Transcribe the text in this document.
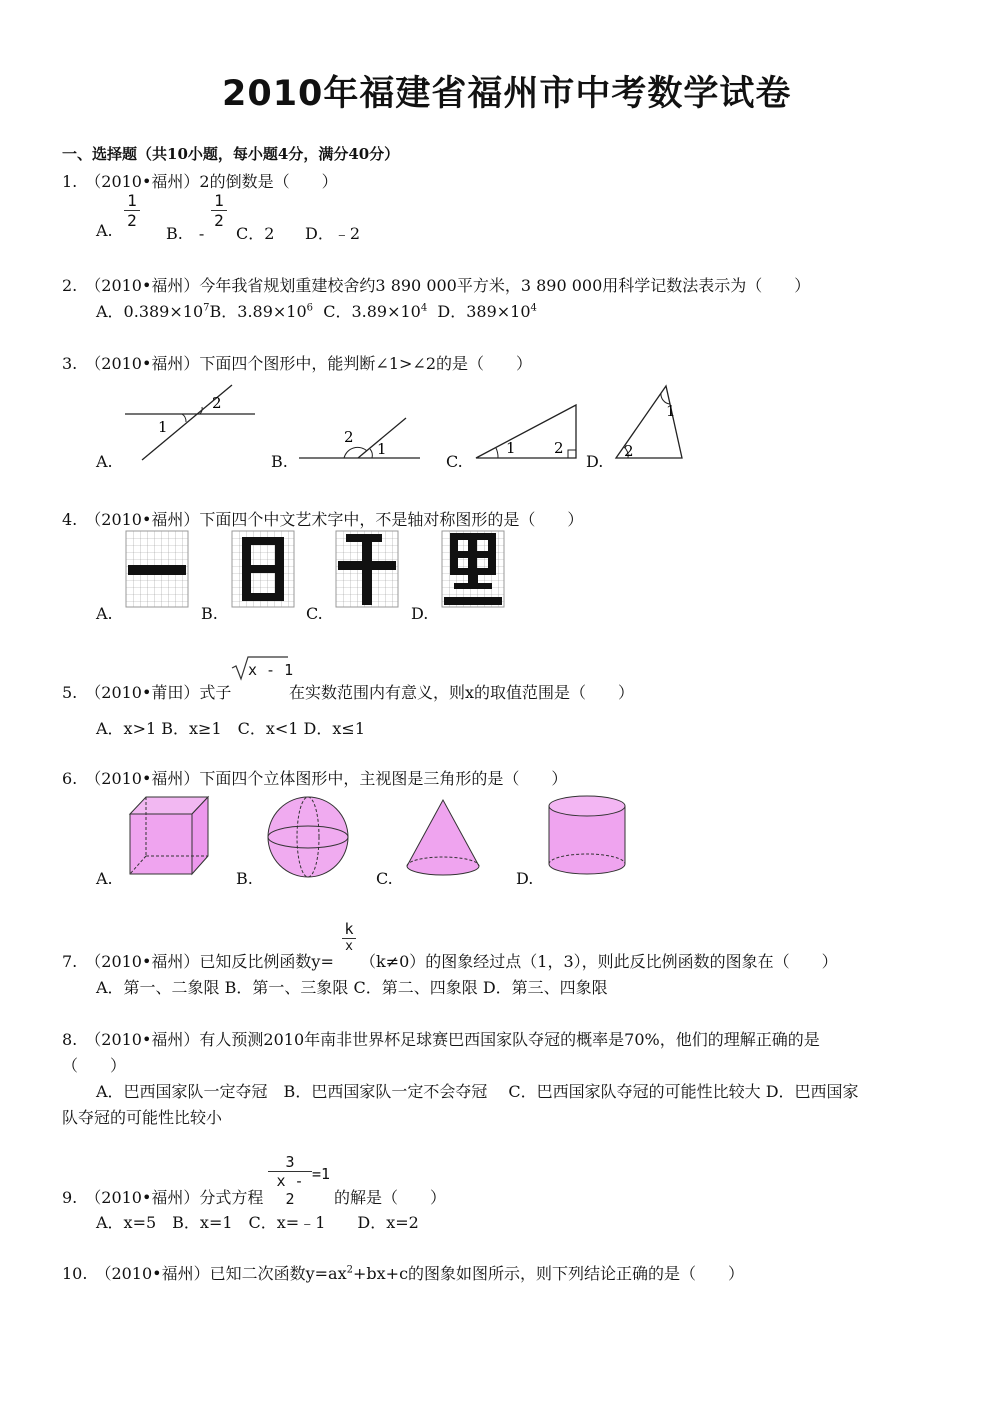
2010年福建省福州市中考数学试卷
一、选择题（共10小题，每小题4分，满分40分）
1.　（2010•福州）2的倒数是（　　）
A.
$\frac{1}{2}$
B.　-
$\frac{1}{2}$
C．2 D．﹣2
2.　（2010•福州）今年我省规划重建校舍约3 890 000平方米，3 890 000用科学记数法表示为（　　）
A．$0.389\times 10^7B$．$3.89\times 10^6$ C．$3.89\times 10^4$ D．$389\times 10^4$
3.　（2010•福州）下面四个图形中，能判断∠1>∠2的是（　　）
A.	B.	C.	D.
1
2
2
1	1	2
1
2
4.　（2010•福州）下面四个中文艺术字中，不是轴对称图形的是（　　）
A.	B.	C.	D.
5.　（2010•莆田）式子
x - 1
在实数范围内有意义，则x的取值范围是（　　）
A．x>1 B．x≥1　C．x<1 D．x≤1
6.　（2010•福州）下面四个立体图形中，主视图是三角形的是（　　）
A.	B.	C.	D.
7.　（2010•福州）已知反比例函数y=
$\frac{k}{x}$
（k≠0）的图象经过点（1，3），则此反比例函数的图象在（　　）
A．第一、二象限 B．第一、三象限 C．第二、四象限 D．第三、四象限
8.　（2010•福州）有人预测2010年南非世界杯足球赛巴西国家队夺冠的概率是70%，他们的理解正确的是
（　　）
A．巴西国家队一定夺冠　B．巴西国家队一定不会夺冠　 C．巴西国家队夺冠的可能性比较大 D．巴西国家
队夺冠的可能性比较小
9.　（2010•福州）分式方程 $\frac{3}{x - 2} =1$
的解是（　　）
A．x=5　B．x=1　C．x=﹣1　　D．x=2
10.　（2010•福州）已知二次函数$y=ax^2+bx+c$的图象如图所示，则下列结论正确的是（　　）
